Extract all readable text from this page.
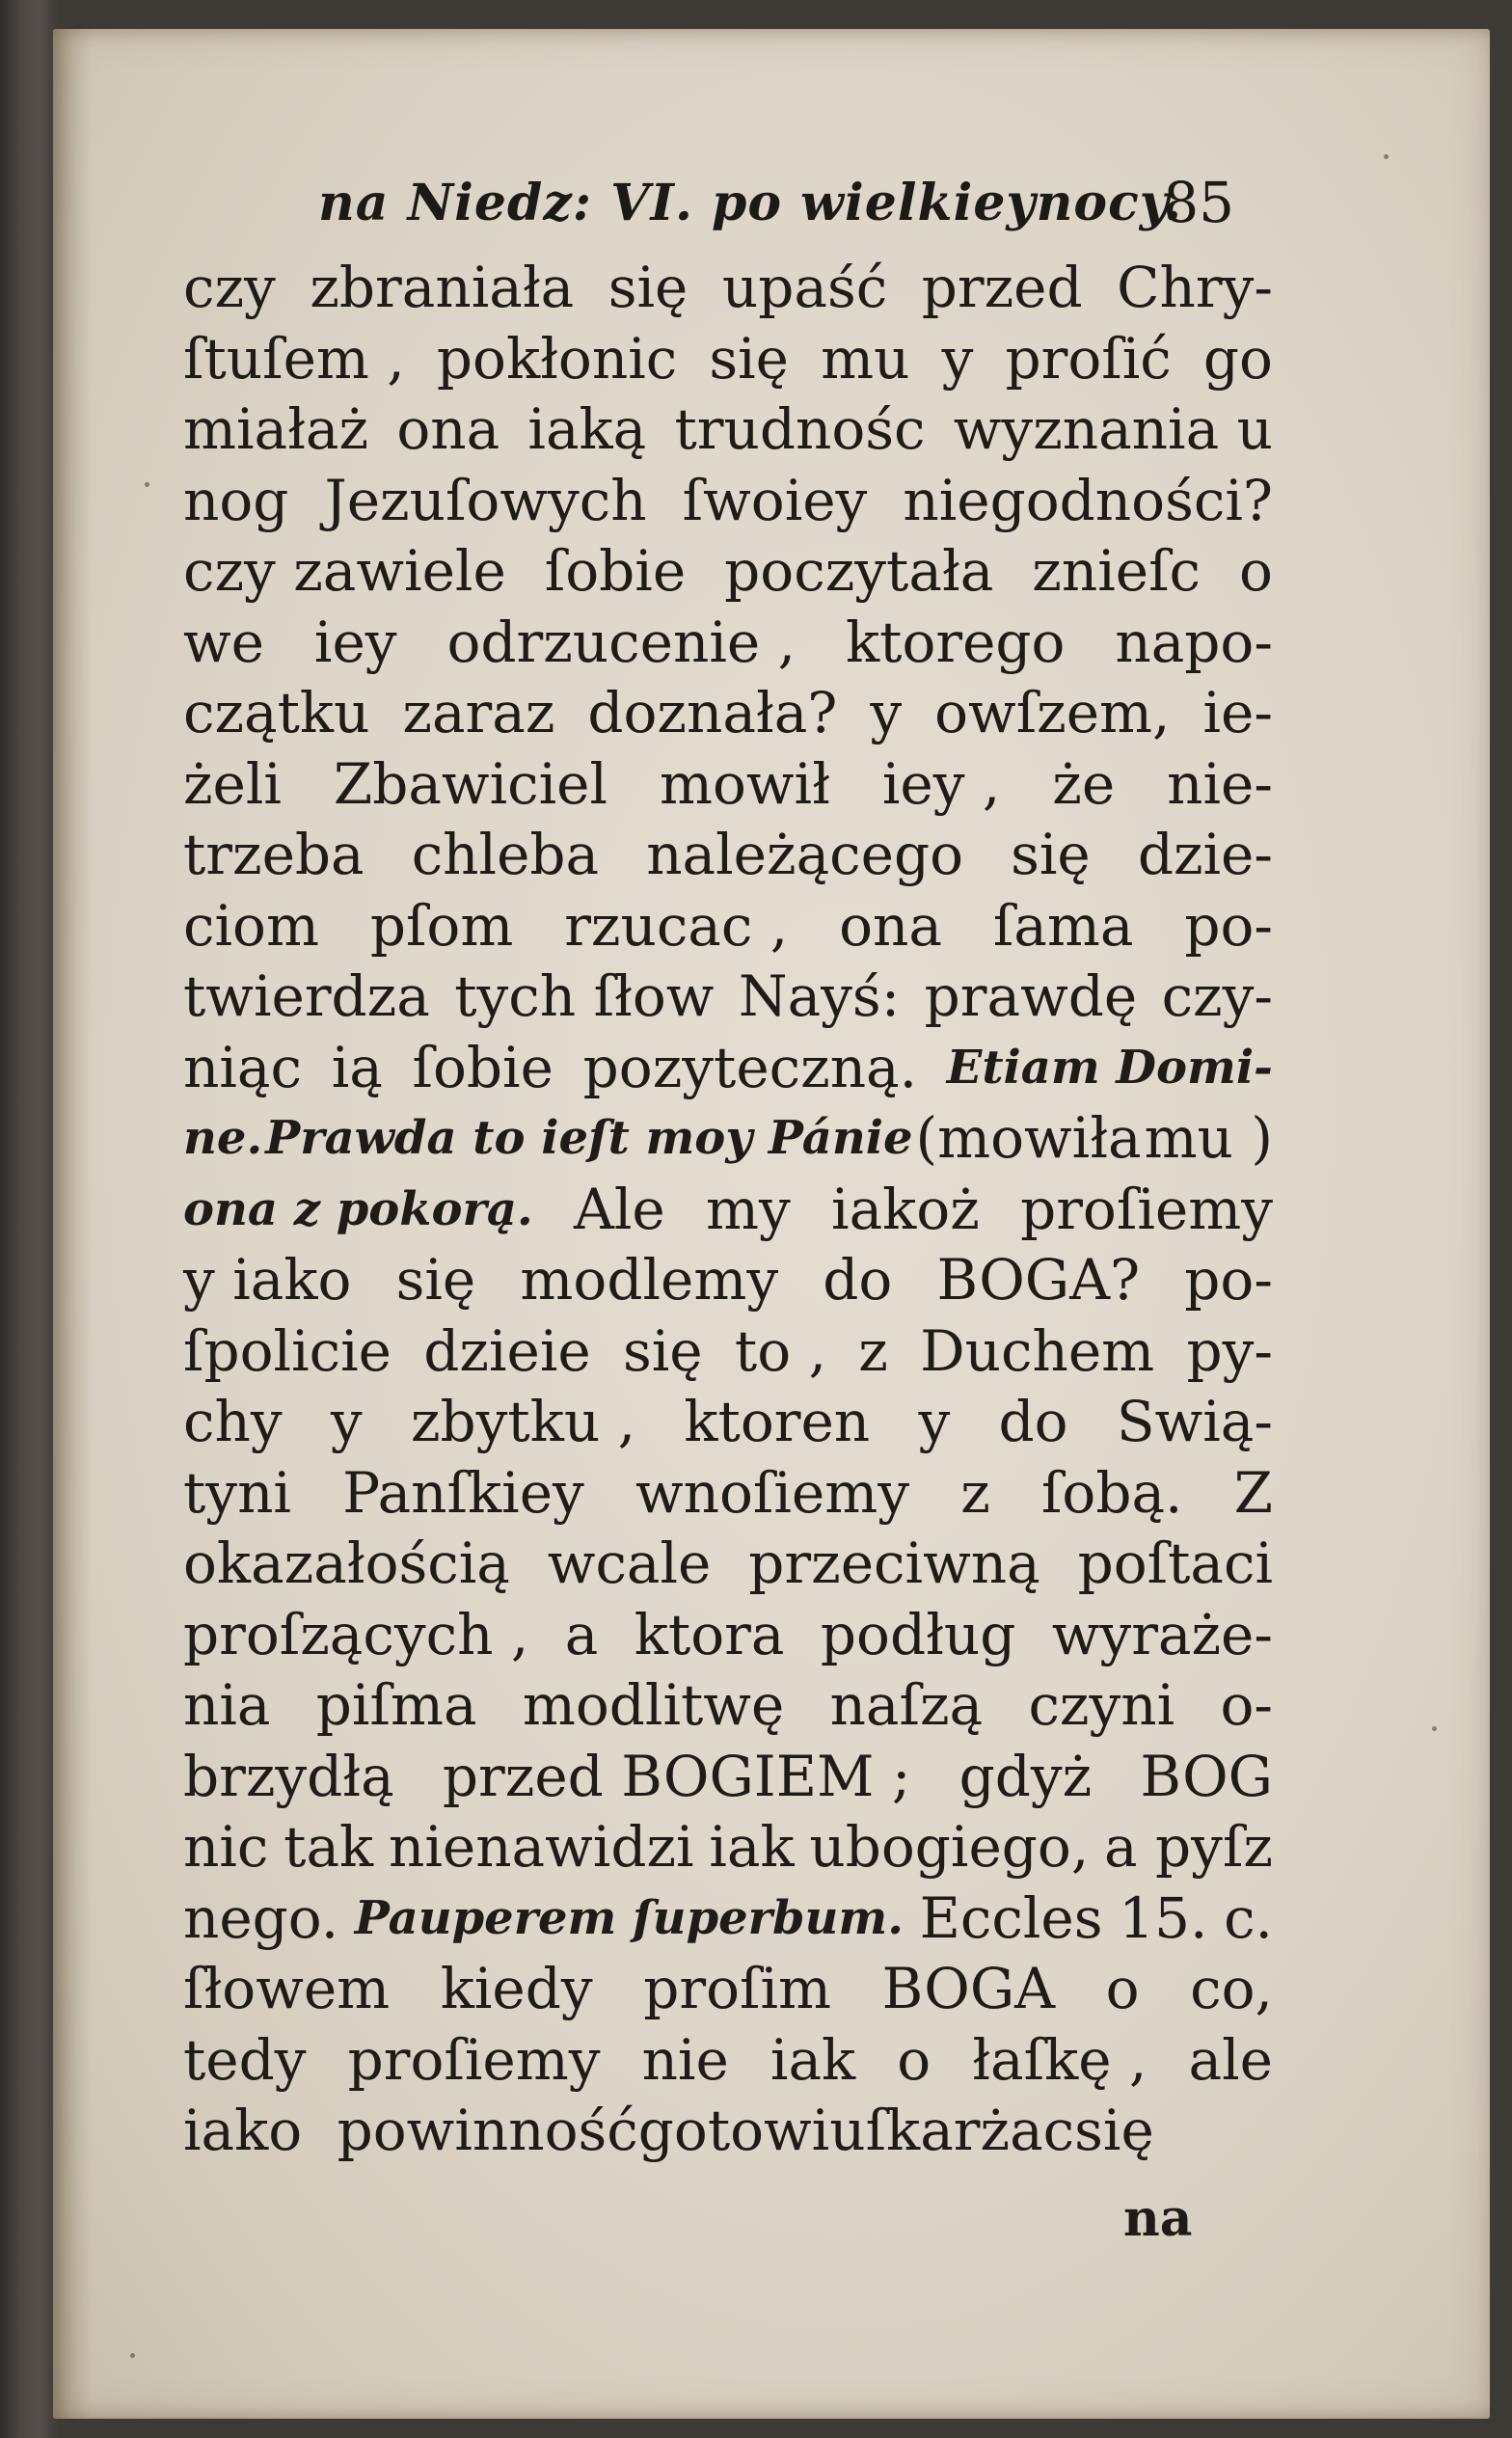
na Niedz: VI. po wielkieynocy.
85
czy zbraniała się upaść przed Chry-
ſtuſem , pokłonic się mu y proſić go
miałaż ona iaką trudnośc wyznania u
nog Jezuſowych ſwoiey niegodności?
czy zawiele ſobie poczytała znieſc o
we iey odrzucenie , ktorego napo-
czątku zaraz doznała? y owſzem, ie-
żeli Zbawiciel mowił iey , że nie-
trzeba chleba należącego się dzie-
ciom pſom rzucac , ona ſama po-
twierdza tych ſłow Nayś: prawdę czy-
niąc ią ſobie pozyteczną. Etiam Domi-
ne. Prawda to ieſt moy Pánie (mowiła mu )
ona z pokorą. Ale my iakoż proſiemy
y iako się modlemy do BOGA? po-
ſpolicie dzieie się to , z Duchem py-
chy y zbytku , ktoren y do Swią-
tyni Panſkiey wnoſiemy z ſobą. Z
okazałością wcale przeciwną poſtaci
proſzących , a ktora podług wyraże-
nia piſma modlitwę naſzą czyni o-
brzydłą przed BOGIEM ; gdyż BOG
nic tak nienawidzi iak ubogiego, a pyſz
nego. Pauperem ſuperbum. Eccles 15. c.
ſłowem kiedy proſim BOGA o co,
tedy proſiemy nie iak o łaſkę , ale
iak o powinność gotowi uſkarżac się
na
